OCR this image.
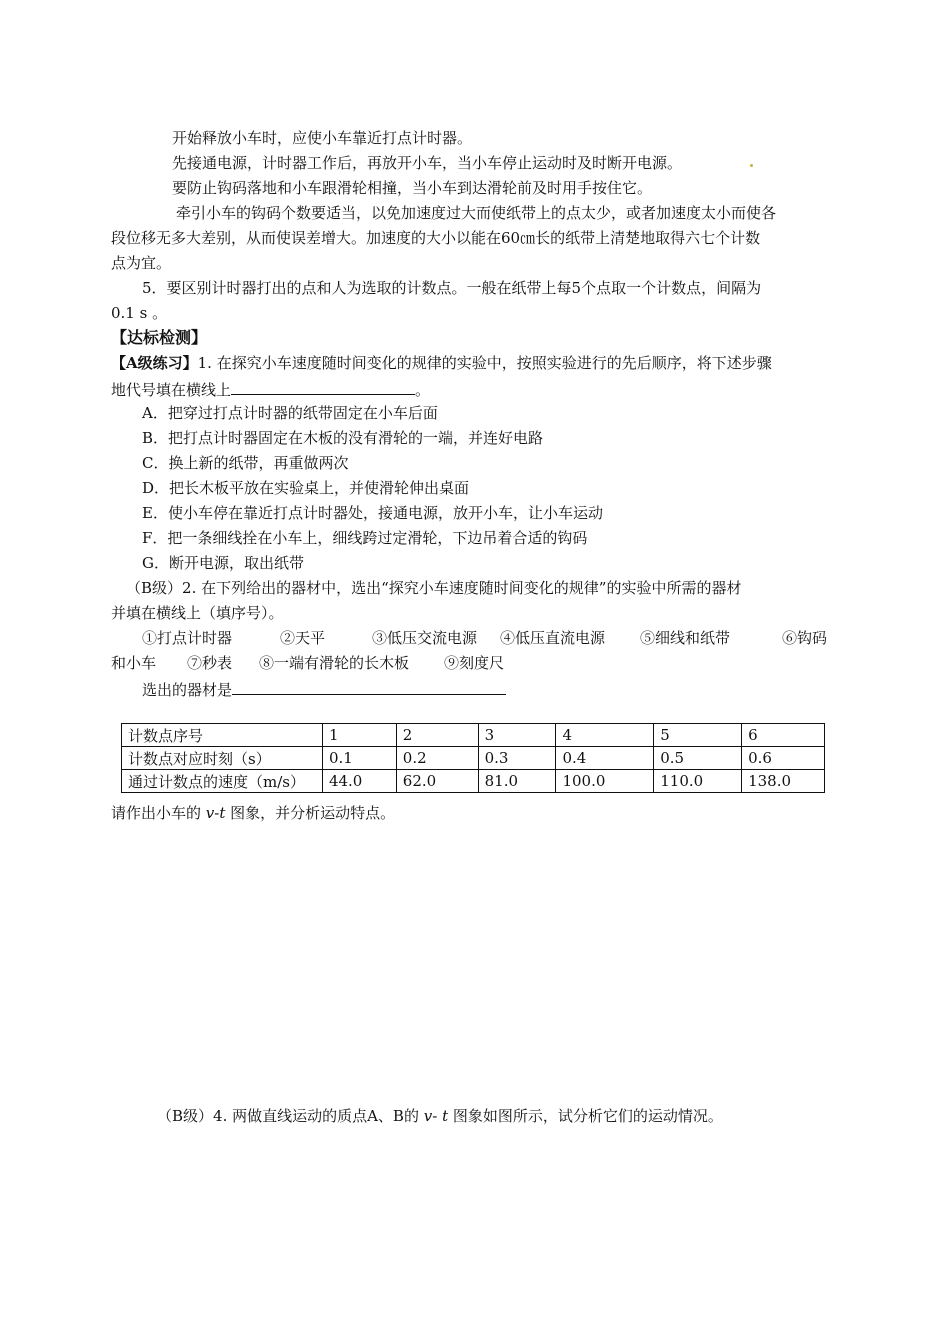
开始释放小车时，应使小车靠近打点计时器。
先接通电源，计时器工作后，再放开小车，当小车停止运动时及时断开电源。
要防止钩码落地和小车跟滑轮相撞，当小车到达滑轮前及时用手按住它。
牵引小车的钩码个数要适当，以免加速度过大而使纸带上的点太少，或者加速度太小而使各
段位移无多大差别，从而使误差增大。加速度的大小以能在60㎝长的纸带上清楚地取得六七个计数
点为宜。
5．要区别计时器打出的点和人为选取的计数点。一般在纸带上每5个点取一个计数点，间隔为
0.1 s 。
【达标检测】
【A级练习】1. 在探究小车速度随时间变化的规律的实验中，按照实验进行的先后顺序，将下述步骤
地代号填在横线上	。
A．把穿过打点计时器的纸带固定在小车后面
B．把打点计时器固定在木板的没有滑轮的一端，并连好电路
C．换上新的纸带，再重做两次
D．把长木板平放在实验桌上，并使滑轮伸出桌面
E．使小车停在靠近打点计时器处，接通电源，放开小车，让小车运动
F．把一条细线拴在小车上，细线跨过定滑轮，下边吊着合适的钩码
G．断开电源，取出纸带
（B级）2. 在下列给出的器材中，选出“探究小车速度随时间变化的规律”的实验中所需的器材
并填在横线上（填序号）。
①打点计时器	②天平	③低压交流电源 ④低压直流电源 ⑤细线和纸带	⑥钩码
和小车 ⑦秒表 ⑧一端有滑轮的长木板 ⑨刻度尺
选出的器材是
计数点序号	1	2	3	4	5	6
计数点对应时刻（s）	0.1	0.2	0.3	0.4	0.5	0.6
通过计数点的速度（m/s）	44.0	62.0	81.0	100.0	110.0	138.0
请作出小车的 v-t 图象，并分析运动特点。
（B级）4. 两做直线运动的质点A、B的 v- t 图象如图所示，试分析它们的运动情况。
